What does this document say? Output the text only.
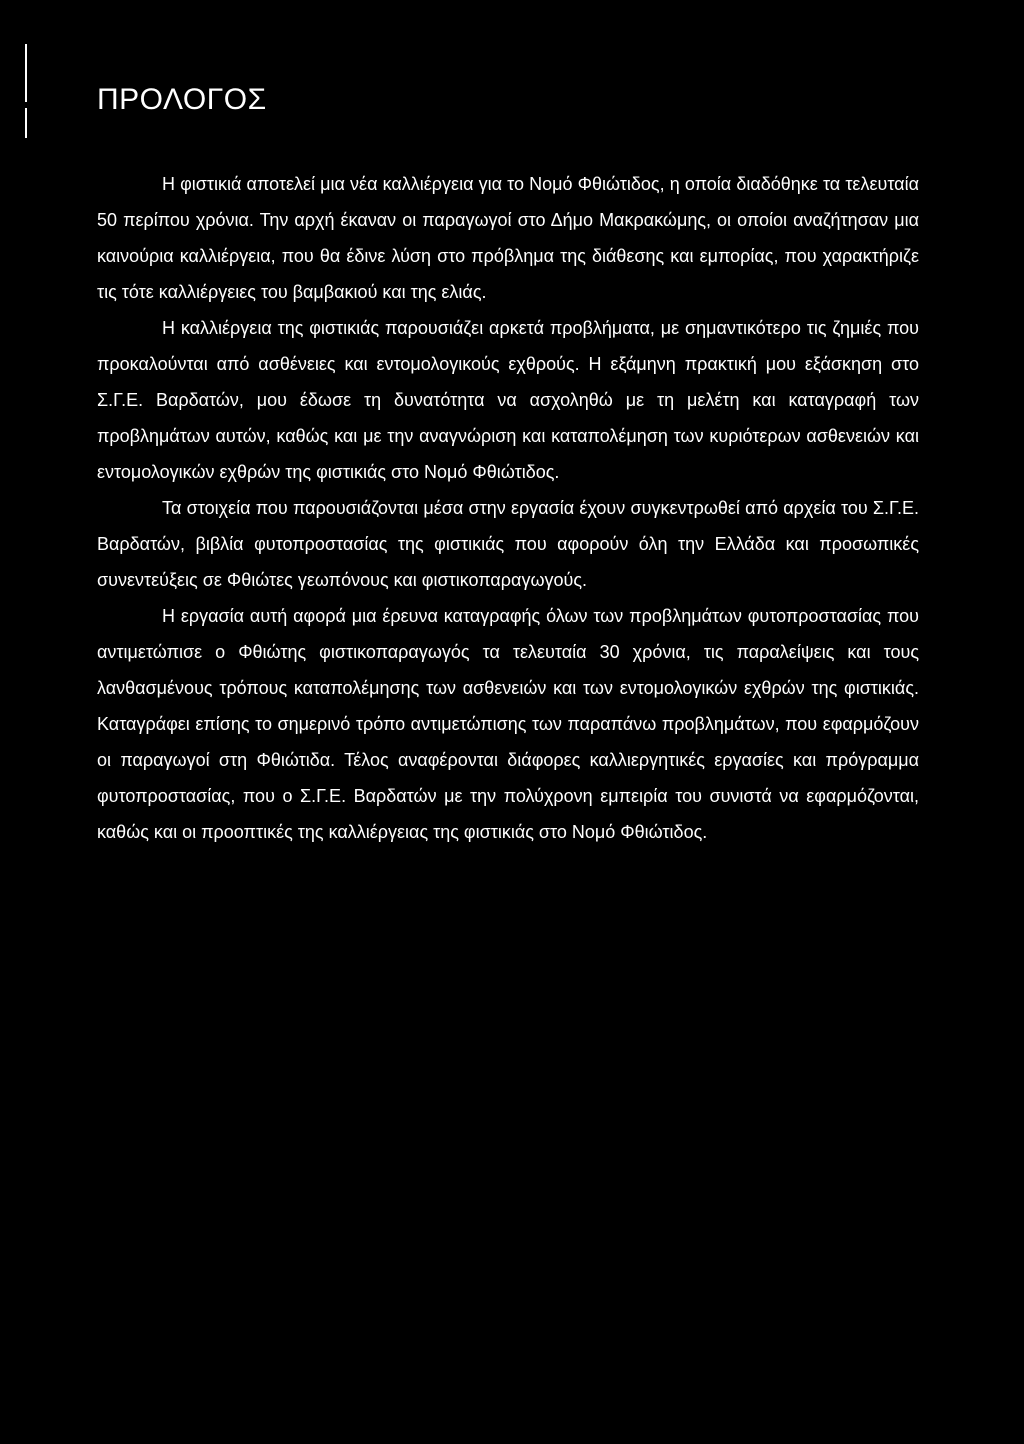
ΠΡΟΛΟΓΟΣ

Η φιστικιά αποτελεί μια νέα καλλιέργεια για το Νομό Φθιώτιδος, η οποία διαδόθηκε τα τελευταία 50 περίπου χρόνια. Την αρχή έκαναν οι παραγωγοί στο Δήμο Μακρακώμης, οι οποίοι αναζήτησαν μια καινούρια καλλιέργεια, που θα έδινε λύση στο πρόβλημα της διάθεσης και εμπορίας, που χαρακτήριζε τις τότε καλλιέργειες του βαμβακιού και της ελιάς.

Η καλλιέργεια της φιστικιάς παρουσιάζει αρκετά προβλήματα, με σημαντικότερο τις ζημιές που προκαλούνται από ασθένειες και εντομολογικούς εχθρούς. Η εξάμηνη πρακτική μου εξάσκηση στο Σ.Γ.Ε. Βαρδατών, μου έδωσε τη δυνατότητα να ασχοληθώ με τη μελέτη και καταγραφή των προβλημάτων αυτών, καθώς και με την αναγνώριση και καταπολέμηση των κυριότερων ασθενειών και εντομολογικών εχθρών της φιστικιάς στο Νομό Φθιώτιδος.

Τα στοιχεία που παρουσιάζονται μέσα στην εργασία έχουν συγκεντρωθεί από αρχεία του Σ.Γ.Ε. Βαρδατών, βιβλία φυτοπροστασίας της φιστικιάς που αφορούν όλη την Ελλάδα και προσωπικές συνεντεύξεις σε Φθιώτες γεωπόνους και φιστικοπαραγωγούς.

Η εργασία αυτή αφορά μια έρευνα καταγραφής όλων των προβλημάτων φυτοπροστασίας που αντιμετώπισε ο Φθιώτης φιστικοπαραγωγός τα τελευταία 30 χρόνια, τις παραλείψεις και τους λανθασμένους τρόπους καταπολέμησης των ασθενειών και των εντομολογικών εχθρών της φιστικιάς. Καταγράφει επίσης το σημερινό τρόπο αντιμετώπισης των παραπάνω προβλημάτων, που εφαρμόζουν οι παραγωγοί στη Φθιώτιδα. Τέλος αναφέρονται διάφορες καλλιεργητικές εργασίες και πρόγραμμα φυτοπροστασίας, που ο Σ.Γ.Ε. Βαρδατών με την πολύχρονη εμπειρία του συνιστά να εφαρμόζονται, καθώς και οι προοπτικές της καλλιέργειας της φιστικιάς στο Νομό Φθιώτιδος.
